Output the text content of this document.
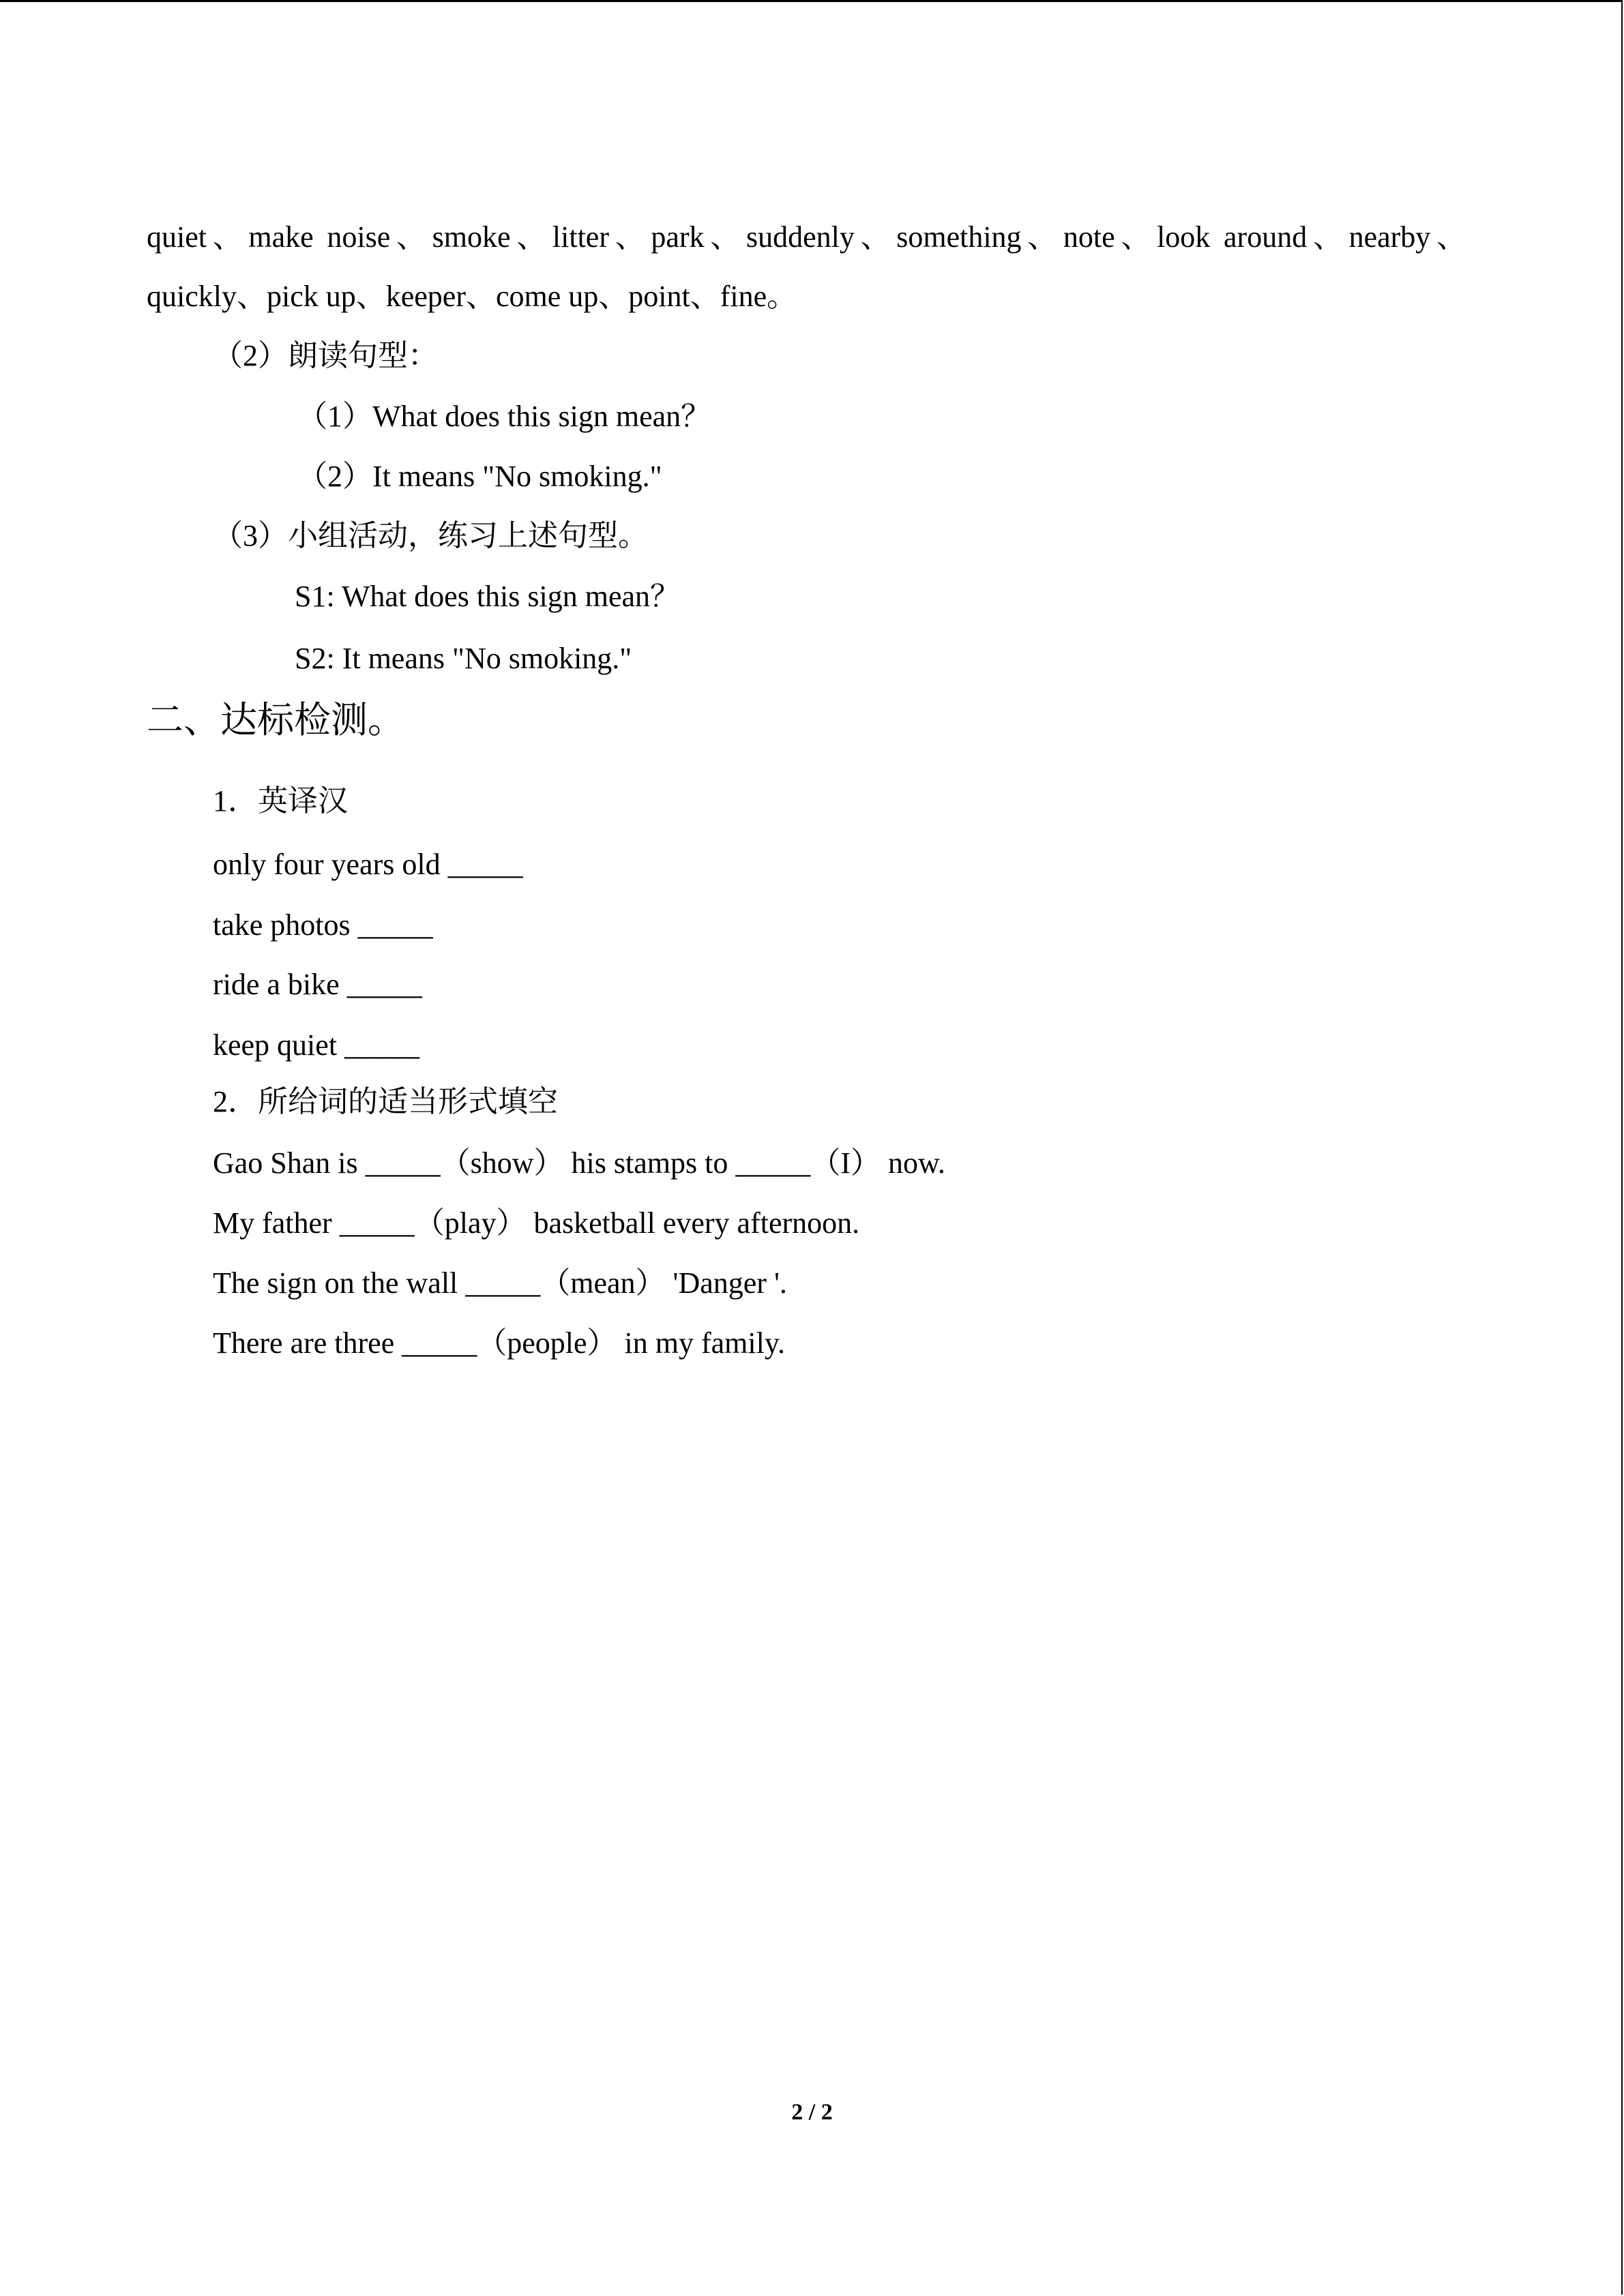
quiet、make noise、smoke、litter、park、suddenly、something、note、look around、nearby、
quickly、pick up、keeper、come up、point、fine。
（2）朗读句型：
（1）What does this sign mean？
（2）It means "No smoking."
（3）小组活动，练习上述句型。
S1: What does this sign mean？
S2: It means "No smoking."
二、达标检测。
1．英译汉
only four years old _____
take photos _____
ride a bike _____
keep quiet _____
2．所给词的适当形式填空
Gao Shan is _____（show） his stamps to _____（I） now.
My father _____（play） basketball every afternoon.
The sign on the wall _____（mean） 'Danger '.
There are three _____（people） in my family.
2 / 2
